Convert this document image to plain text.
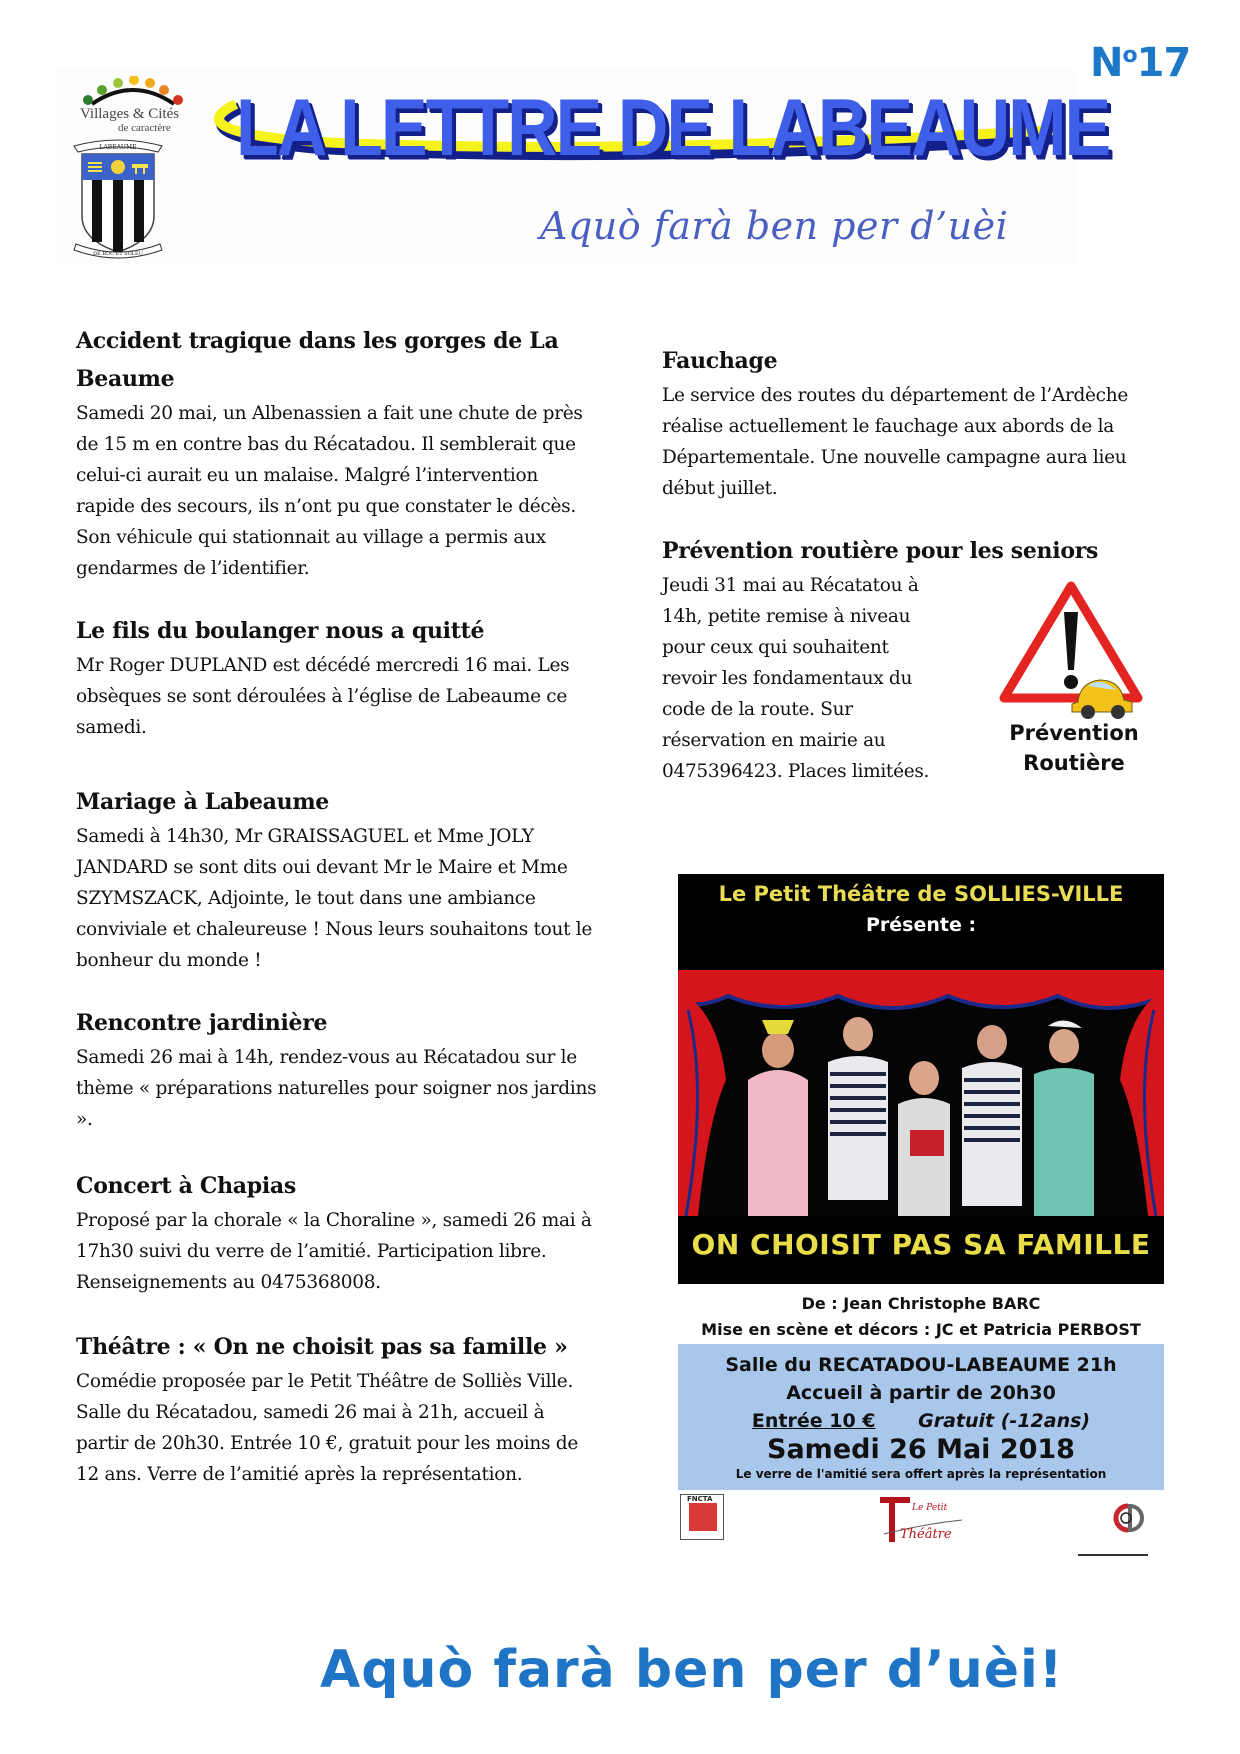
Villages & Cités
de caractère
LABEAUME
DE ROC ET SOLEU
LA LETTRE DE LABEAUME
Aquò farà ben per d’uèi
$N^o17$
Accident tragique dans les gorges de La Beaume

Samedi 20 mai, un Albenassien a fait une chute de près de 15 m en contre bas du Récatadou. Il semblerait que celui-ci aurait eu un malaise. Malgré l’intervention rapide des secours, ils n’ont pu que constater le décès. Son véhicule qui stationnait au village a permis aux gendarmes de l’identifier.

Le fils du boulanger nous a quitté

Mr Roger DUPLAND est décédé mercredi 16 mai. Les obsèques se sont déroulées à l’église de Labeaume ce samedi.

Mariage à Labeaume

Samedi à 14h30, Mr GRAISSAGUEL et Mme JOLY JANDARD se sont dits oui devant Mr le Maire et Mme SZYMSZACK, Adjointe, le tout dans une ambiance conviviale et chaleureuse ! Nous leurs souhaitons tout le bonheur du monde !

Rencontre jardinière

Samedi 26 mai à 14h, rendez-vous au Récatadou sur le thème « préparations naturelles pour soigner nos jardins ».

Concert à Chapias

Proposé par la chorale « la Choraline », samedi 26 mai à 17h30 suivi du verre de l’amitié. Participation libre. Renseignements au 0475368008.

Théâtre : « On ne choisit pas sa famille »

Comédie proposée par le Petit Théâtre de Solliès Ville. Salle du Récatadou, samedi 26 mai à 21h, accueil à partir de 20h30. Entrée 10 €, gratuit pour les moins de 12 ans. Verre de l’amitié après la représentation.

Fauchage

Le service des routes du département de l’Ardèche réalise actuellement le fauchage aux abords de la Départementale. Une nouvelle campagne aura lieu début juillet.

Prévention routière pour les seniors

Jeudi 31 mai au Récatatou à 14h, petite remise à niveau pour ceux qui souhaitent revoir les fondamentaux du code de la route. Sur réservation en mairie au 0475396423. Places limitées.

Prévention
Routière
Le Petit Théâtre de SOLLIES-VILLE
Présente :
ON CHOISIT PAS SA FAMILLE
De : Jean Christophe BARC
Mise en scène et décors : JC et Patricia PERBOST
Salle du RECATADOU-LABEAUME 21h
Accueil à partir de 20h30
Entrée 10 € Gratuit (-12ans)
Samedi 26 Mai 2018
Le verre de l'amitié sera offert après la représentation
FNCTA
Le Petit
Théâtre
Aquò farà ben per d’uèi!
